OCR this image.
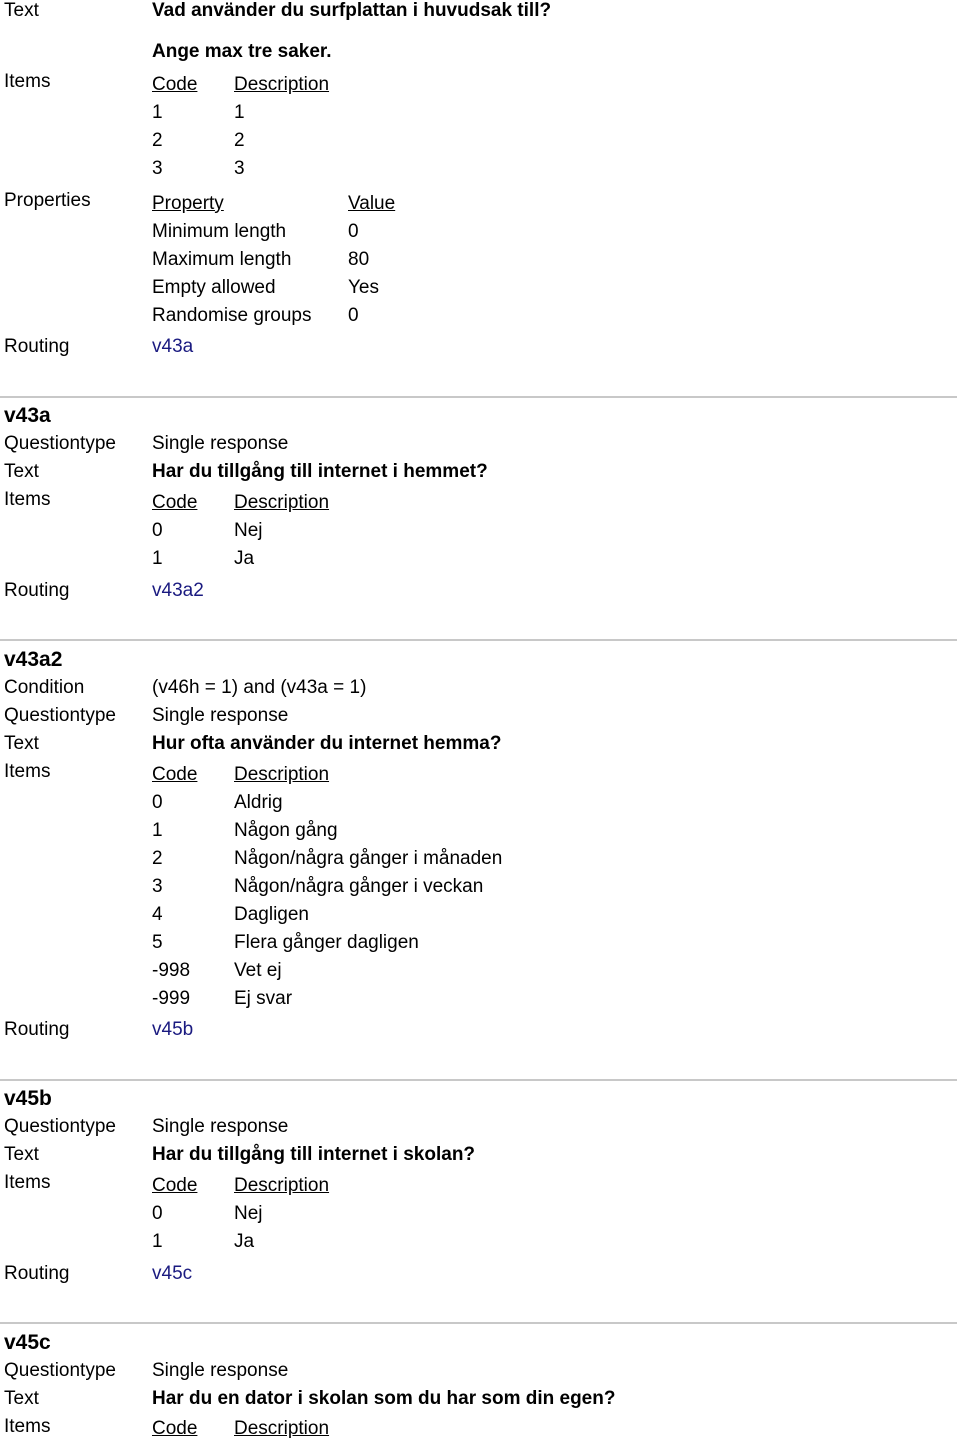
Text	Vad använder du surfplattan i huvudsak till?
Ange max tre saker.
Items	Code Description
1	1
2	2
3	3
Properties	Property	Value
Minimum length	0
Maximum length	80
Empty allowed	Yes
Randomise groups 0
Routing	v43a
v43a
Questiontype Single response
Text	Har du tillgång till internet i hemmet?
Items	Code Description
0	Nej
1	Ja
Routing	v43a2
v43a2
Condition	(v46h = 1) and (v43a = 1)
Questiontype Single response
Text	Hur ofta använder du internet hemma?
Items	Code Description
0	Aldrig
1	Någon gång
2	Någon/några gånger i månaden
3	Någon/några gånger i veckan
4	Dagligen
5	Flera gånger dagligen
-998 Vet ej
-999 Ej svar
Routing	v45b
v45b
Questiontype Single response
Text	Har du tillgång till internet i skolan?
Items	Code Description
0	Nej
1	Ja
Routing	v45c
v45c
Questiontype Single response
Text	Har du en dator i skolan som du har som din egen?
Items	Code Description
